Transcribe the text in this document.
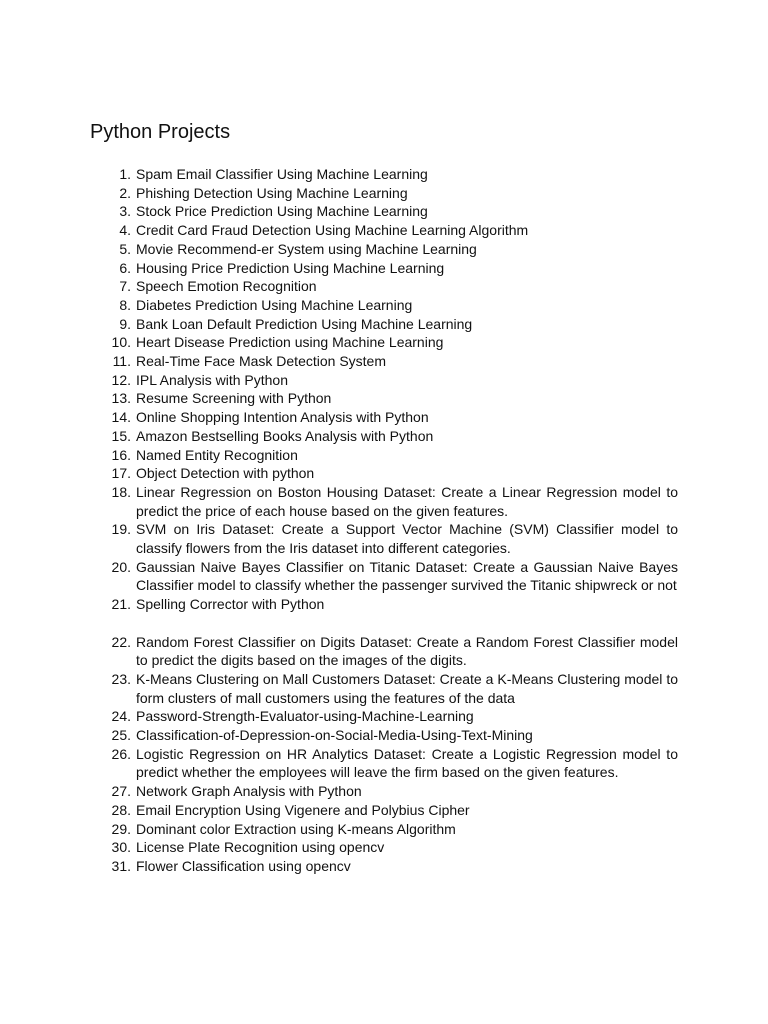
Python Projects
1. Spam Email Classifier Using Machine Learning
2. Phishing Detection Using Machine Learning
3. Stock Price Prediction Using Machine Learning
4. Credit Card Fraud Detection Using Machine Learning Algorithm
5. Movie Recommend-er System using Machine Learning
6. Housing Price Prediction Using Machine Learning
7. Speech Emotion Recognition
8. Diabetes Prediction Using Machine Learning
9. Bank Loan Default Prediction Using Machine Learning
10. Heart Disease Prediction using Machine Learning
11. Real-Time Face Mask Detection System
12. IPL Analysis with Python
13. Resume Screening with Python
14. Online Shopping Intention Analysis with Python
15. Amazon Bestselling Books Analysis with Python
16. Named Entity Recognition
17. Object Detection with python
18. Linear Regression on Boston Housing Dataset: Create a Linear Regression model to predict the price of each house based on the given features.
19. SVM on Iris Dataset: Create a Support Vector Machine (SVM) Classifier model to classify flowers from the Iris dataset into different categories.
20. Gaussian Naive Bayes Classifier on Titanic Dataset: Create a Gaussian Naive Bayes Classifier model to classify whether the passenger survived the Titanic shipwreck or not
21. Spelling Corrector with Python
22. Random Forest Classifier on Digits Dataset: Create a Random Forest Classifier model to predict the digits based on the images of the digits.
23. K-Means Clustering on Mall Customers Dataset: Create a K-Means Clustering model to form clusters of mall customers using the features of the data
24. Password-Strength-Evaluator-using-Machine-Learning
25. Classification-of-Depression-on-Social-Media-Using-Text-Mining
26. Logistic Regression on HR Analytics Dataset: Create a Logistic Regression model to predict whether the employees will leave the firm based on the given features.
27. Network Graph Analysis with Python
28. Email Encryption Using Vigenere and Polybius Cipher
29. Dominant color Extraction using K-means Algorithm
30. License Plate Recognition using opencv
31. Flower Classification using opencv
